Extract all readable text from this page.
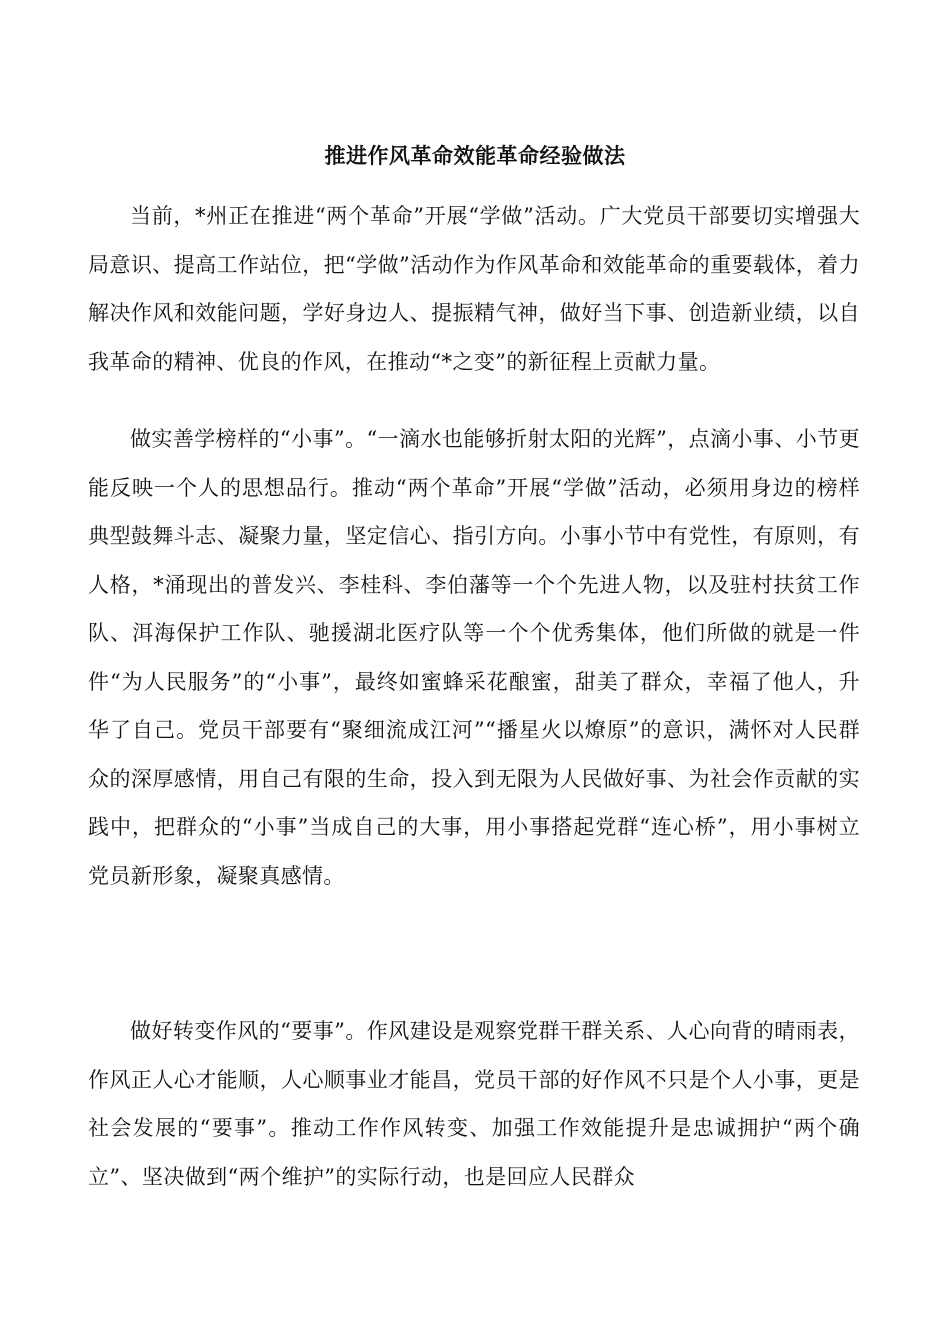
推进作风革命效能革命经验做法

当前，*州正在推进“两个革命”开展“学做”活动。广大党员干部要切实增强大局意识、提高工作站位，把“学做”活动作为作风革命和效能革命的重要载体，着力解决作风和效能问题，学好身边人、提振精气神，做好当下事、创造新业绩，以自我革命的精神、优良的作风，在推动“*之变”的新征程上贡献力量。

做实善学榜样的“小事”。“一滴水也能够折射太阳的光辉”，点滴小事、小节更能反映一个人的思想品行。推动“两个革命”开展“学做”活动，必须用身边的榜样典型鼓舞斗志、凝聚力量，坚定信心、指引方向。小事小节中有党性，有原则，有人格，*涌现出的普发兴、李桂科、李伯藩等一个个先进人物，以及驻村扶贫工作队、洱海保护工作队、驰援湖北医疗队等一个个优秀集体，他们所做的就是一件件“为人民服务”的“小事”，最终如蜜蜂采花酿蜜，甜美了群众，幸福了他人，升华了自己。党员干部要有“聚细流成江河”“播星火以燎原”的意识，满怀对人民群众的深厚感情，用自己有限的生命，投入到无限为人民做好事、为社会作贡献的实践中，把群众的“小事”当成自己的大事，用小事搭起党群“连心桥”，用小事树立党员新形象，凝聚真感情。

做好转变作风的“要事”。作风建设是观察党群干群关系、人心向背的晴雨表，作风正人心才能顺，人心顺事业才能昌，党员干部的好作风不只是个人小事，更是社会发展的“要事”。推动工作作风转变、加强工作效能提升是忠诚拥护“两个确立”、坚决做到“两个维护”的实际行动，也是回应人民群众
